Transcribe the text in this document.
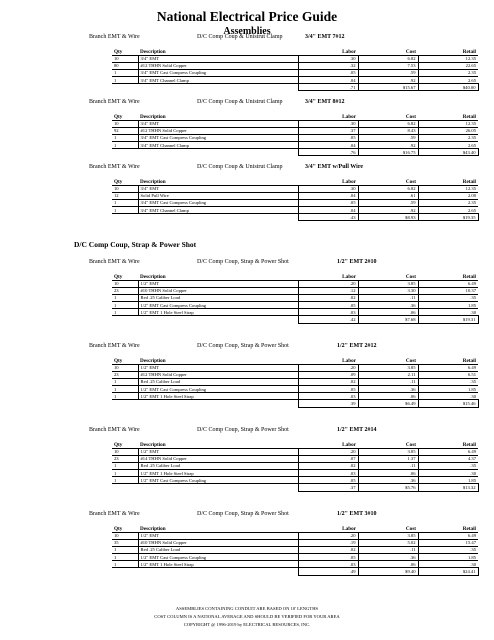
National Electrical Price Guide
Assemblies
Branch EMT & Wire	D/C Comp Coup & Unistrut Clamp	3/4" EMT 7#12
Qty	Description	Labor	Cost	Retail
10	3/4" EMT	.30	6.82	12.35
80	#12 THHN Solid Copper	.32	7.53	22.65
1	3/4" EMT Cast Compress Coupling	.05	.59	2.35
1	3/4" EMT Channel Clamp	.04	.92	2.65
		.71	$15.67	$40.00
Branch EMT & Wire	D/C Comp Coup & Unistrut Clamp	3/4" EMT 8#12
Qty	Description	Labor	Cost	Retail
10	3/4" EMT	.30	6.82	12.35
92	#12 THHN Solid Copper	.37	8.43	26.05
1	3/4" EMT Cast Compress Coupling	.05	.59	2.35
1	3/4" EMT Channel Clamp	.04	.92	2.65
		.76	$16.75	$43.40
Branch EMT & Wire	D/C Comp Coup & Unistrut Clamp	3/4" EMT w/Pull Wire
Qty	Description	Labor	Cost	Retail
10	3/4" EMT	.30	6.82	12.35
12	Solid Pull Wire	.04	.61	2.00
1	3/4" EMT Cast Compress Coupling	.05	.59	2.35
1	3/4" EMT Channel Clamp	.04	.92	2.65
		.43	$8.93	$19.35
D/C Comp Coup, Strap & Power Shot
Branch EMT & Wire	D/C Comp Coup, Strap & Power Shot	1/2" EMT 2#10
Qty	Description	Labor	Cost	Retail
10	1/2" EMT	.20	3.85	6.49
23	#10 THHN Solid Copper	.12	3.30	10.37
1	Red .25 Caliber Load	.02	.11	.35
1	1/2" EMT Cast Compress Coupling	.05	.36	1.85
1	1/2" EMT 1 Hole Steel Strap	.03	.06	.30
		.42	$7.68	$19.31
Branch EMT & Wire	D/C Comp Coup, Strap & Power Shot	1/2" EMT 2#12
Qty	Description	Labor	Cost	Retail
10	1/2" EMT	.20	3.85	6.49
23	#12 THHN Solid Copper	.09	2.11	6.51
1	Red .25 Caliber Load	.02	.11	.35
1	1/2" EMT Cast Compress Coupling	.05	.36	1.85
1	1/2" EMT 1 Hole Steel Strap	.03	.06	.30
		.39	$6.49	$15.46
Branch EMT & Wire	D/C Comp Coup, Strap & Power Shot	1/2" EMT 2#14
Qty	Description	Labor	Cost	Retail
10	1/2" EMT	.20	3.85	6.49
23	#14 THHN Solid Copper	.07	1.37	4.37
1	Red .25 Caliber Load	.02	.11	.35
1	1/2" EMT 1 Hole Steel Strap	.03	.06	.30
1	1/2" EMT Cast Compress Coupling	.05	.36	1.85
		.37	$5.76	$13.32
Branch EMT & Wire	D/C Comp Coup, Strap & Power Shot	1/2" EMT 3#10
Qty	Description	Labor	Cost	Retail
10	1/2" EMT	.20	3.85	6.49
35	#10 THHN Solid Copper	.19	5.02	15.47
1	Red .25 Caliber Load	.02	.11	.35
1	1/2" EMT Cast Compress Coupling	.05	.36	1.85
1	1/2" EMT 1 Hole Steel Strap	.03	.06	.30
		.49	$9.40	$24.41
ASSEMBLIES CONTAINING CONDUIT ARE BASED ON 10' LENGTHS
COST COLUMN IS A NATIONAL AVERAGE AND SHOULD BE VERIFIED FOR YOUR AREA
COPYRIGHT @ 1996-2019 by ELECTRICAL RESOURCES, INC.
